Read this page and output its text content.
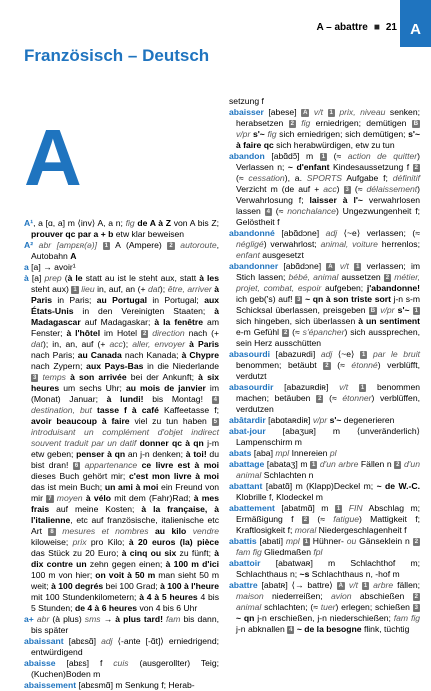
A – abattre ■ 21 A
Französisch – Deutsch
A

A¹, a [ɑ, a] m ⟨inv⟩ A, a n; fig de A à Z von A bis Z; prouver qc par a + b etw klar beweisen

A² abr [ampɛʀ(ə)] 1 A (Ampere) 2 autoroute, Autobahn A

a [a] → avoir¹

à [a] prep (à le statt au ist le steht aux, statt à les steht aux) 1 lieu in, auf, an (+ dat); être, arriver à Paris in Paris; au Portugal in Portugal; aux États-Unis in den Vereinigten Staaten; à Madagascar auf Madagaskar; à la fenêtre am Fenster; à l'hôtel im Hotel 2 direction nach (+ dat); in, an, auf (+ acc); aller, envoyer à Paris nach Paris; au Canada nach Kanada; à Chypre nach Zypern; aux Pays-Bas in die Niederlande 3 temps à son arrivée bei der Ankunft; à six heures um sechs Uhr; au mois de janvier im (Monat) Januar; à lundi! bis Montag! 4 destination, but tasse f à café Kaffeetasse f; avoir beaucoup à faire viel zu tun haben 5 introduisant un complément d'objet indirect souvent traduit par un datif donner qc à qn j-m etw geben; penser à qn an j-n denken; à toi! du bist dran! 6 appartenance ce livre est à moi dieses Buch gehört mir; c'est mon livre à moi das ist mein Buch; un ami à moi ein Freund von mir 7 moyen à vélo mit dem (Fahr)Rad; à mes frais auf meine Kosten; à la française, à l'italienne, etc auf französische, italienische etc Art 8 mesures et nombres au kilo vendre kiloweise; prix pro Kilo; à 20 euros (la) pièce das Stück zu 20 Euro; à cinq ou six zu fünft; à dix contre un zehn gegen einen; à 100 m d'ici 100 m von hier; on voit à 50 m man sieht 50 m weit; à 100 degrés bei 100 Grad; à 100 à l'heure mit 100 Stundenkilometern; à 4 à 5 heures 4 bis 5 Stunden; de 4 à 6 heures von 4 bis 6 Uhr

a+ abr (à plus) sms → à plus tard! fam bis dann, bis später

abaissant [abɛsɑ̃] adj ⟨-ante [-ɑ̃t]⟩ erniedrigend; entwürdigend

abaisse [abɛs] f cuis (ausgerollter) Teig; (Kuchen)Boden m

abaissement [abɛsmɑ̃] m Senkung f; Herab-

setzung f

abaisser [abese] A v/t 1 prix, niveau senken; herabsetzen 2 fig erniedrigen; demütigen B v/pr s'~ fig sich erniedrigen; sich demütigen; s'~ à faire qc sich herabwürdigen, etw zu tun

abandon [abɑ̃dɔ̃] m 1 (≈ action de quitter) Verlassen n; ~ d'enfant Kindesaussetzung f 2 (≈ cessation), a. SPORTS Aufgabe f; définitif Verzicht m (de auf + acc) 3 (≈ délaissement) Verwahrlosung f; laisser à l'~ verwahrlosen lassen 4 (≈ nonchalance) Ungezwungenheit f; Gelöstheit f

abandonné [abɑ̃dɔne] adj ⟨~e⟩ verlassen; (≈ négligé) verwahrlost; animal, voiture herrenlos; enfant ausgesetzt

abandonner [abɑ̃dɔne] A v/t 1 verlassen; im Stich lassen; bébé, animal aussetzen 2 métier, projet, combat, espoir aufgeben; j'abandonne! ich geb('s) auf! 3 ~ qn à son triste sort j-n s-m Schicksal überlassen, preisgeben B v/pr s'~ 1 sich hingeben, sich überlassen à un sentiment e-m Gefühl 2 (≈ s'épancher) sich aussprechen, sein Herz ausschütten

abasourdi [abazuʀdi] adj ⟨~e⟩ 1 par le bruit benommen; betäubt 2 (≈ étonné) verblüfft, verdutzt

abasourdir [abazuʀdiʀ] v/t 1 benommen machen; betäuben 2 (≈ étonner) verblüffen, verdutzen

abâtardir [abɑtaʀdiʀ] v/pr s'~ degenerieren

abat-jour [abaʒuʀ] m ⟨unveränderlich⟩ Lampenschirm m

abats [aba] mpl Innereien pl

abattage [abataʒ] m 1 d'un arbre Fällen n 2 d'un animal Schlachten n

abattant [abatɑ̃] m (Klapp)Deckel m; ~ de W.-C. Klobrille f, Klodeckel m

abattement [abatmɑ̃] m 1 FIN Abschlag m; Ermäßigung f 2 (≈ fatigue) Mattigkeit f; Kraftlosigkeit f; moral Niedergeschlagenheit f

abattis [abati] mpl 1 Hühner- ou Gänseklein n 2 fam fig Gliedmaßen fpl

abattoir [abatwaʀ] m Schlachthof m; Schlachthaus n; ~s Schlachthaus n, -hof m

abattre [abatʀ] ⟨→ battre⟩ A v/t 1 arbre fällen; maison niederreißen; avion abschießen 2 animal schlachten; (≈ tuer) erlegen; schießen 3 ~ qn j-n erschießen, j-n niederschießen; fam fig j-n abknallen 4 ~ de la besogne flink, tüchtig
